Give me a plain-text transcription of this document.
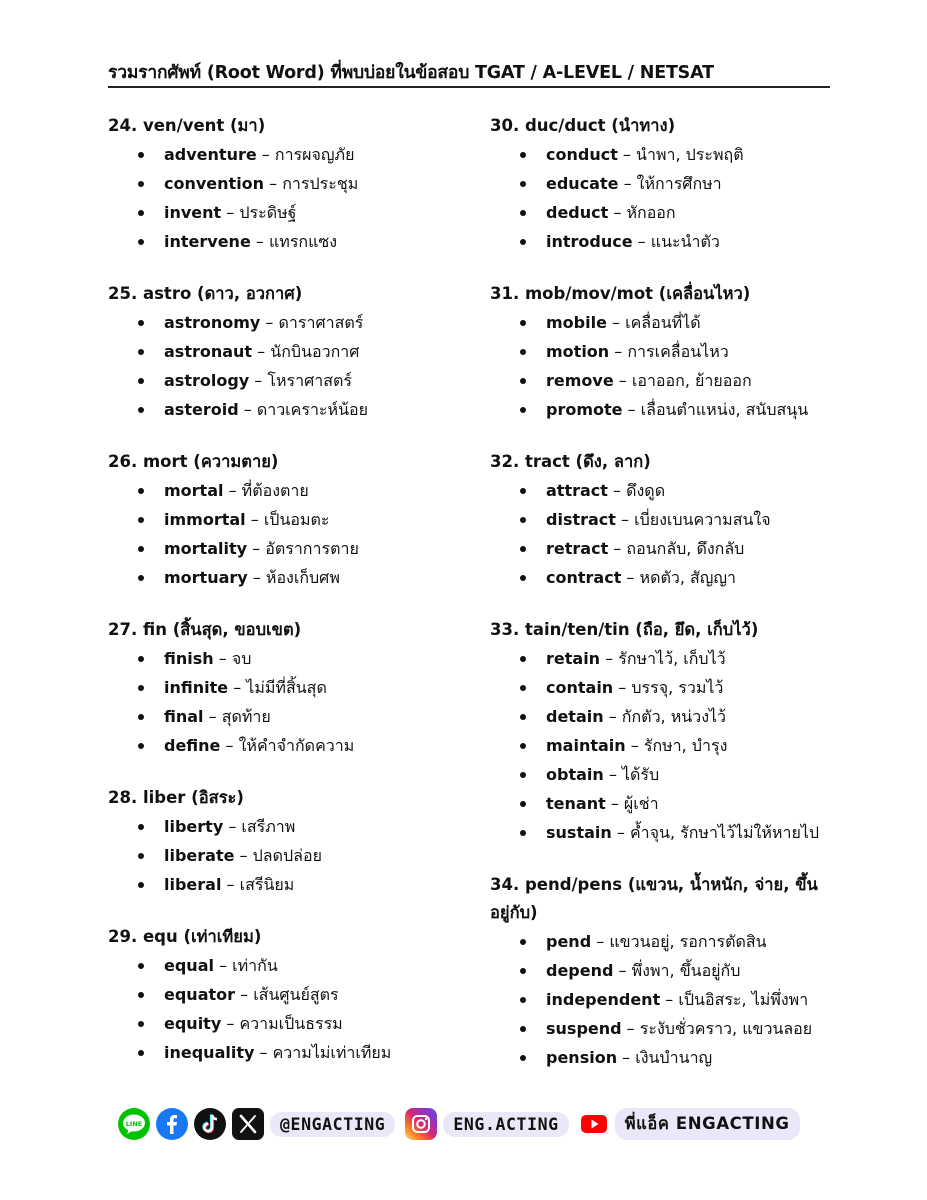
รวมรากศัพท์ (Root Word) ที่พบบ่อยในข้อสอบ TGAT / A-LEVEL / NETSAT
24. ven/vent (มา)
adventure – การผจญภัย
convention – การประชุม
invent – ประดิษฐ์
intervene – แทรกแซง
25. astro (ดาว, อวกาศ)
astronomy – ดาราศาสตร์
astronaut – นักบินอวกาศ
astrology – โหราศาสตร์
asteroid – ดาวเคราะห์น้อย
26. mort (ความตาย)
mortal – ที่ต้องตาย
immortal – เป็นอมตะ
mortality – อัตราการตาย
mortuary – ห้องเก็บศพ
27. fin (สิ้นสุด, ขอบเขต)
finish – จบ
infinite – ไม่มีที่สิ้นสุด
final – สุดท้าย
define – ให้คำจำกัดความ
28. liber (อิสระ)
liberty – เสรีภาพ
liberate – ปลดปล่อย
liberal – เสรีนิยม
29. equ (เท่าเทียม)
equal – เท่ากัน
equator – เส้นศูนย์สูตร
equity – ความเป็นธรรม
inequality – ความไม่เท่าเทียม
30. duc/duct (นำทาง)
conduct – นำพา, ประพฤติ
educate – ให้การศึกษา
deduct – หักออก
introduce – แนะนำตัว
31. mob/mov/mot (เคลื่อนไหว)
mobile – เคลื่อนที่ได้
motion – การเคลื่อนไหว
remove – เอาออก, ย้ายออก
promote – เลื่อนตำแหน่ง, สนับสนุน
32. tract (ดึง, ลาก)
attract – ดึงดูด
distract – เบี่ยงเบนความสนใจ
retract – ถอนกลับ, ดึงกลับ
contract – หดตัว, สัญญา
33. tain/ten/tin (ถือ, ยึด, เก็บไว้)
retain – รักษาไว้, เก็บไว้
contain – บรรจุ, รวมไว้
detain – กักตัว, หน่วงไว้
maintain – รักษา, บำรุง
obtain – ได้รับ
tenant – ผู้เช่า
sustain – ค้ำจุน, รักษาไว้ไม่ให้หายไป
34. pend/pens (แขวน, น้ำหนัก, จ่าย, ขึ้นอยู่กับ)
pend – แขวนอยู่, รอการตัดสิน
depend – พึ่งพา, ขึ้นอยู่กับ
independent – เป็นอิสระ, ไม่พึ่งพา
suspend – ระงับชั่วคราว, แขวนลอย
pension – เงินบำนาญ
LINE	@ENGACTING	ENG.ACTING	พี่แอ็ค ENGACTING
